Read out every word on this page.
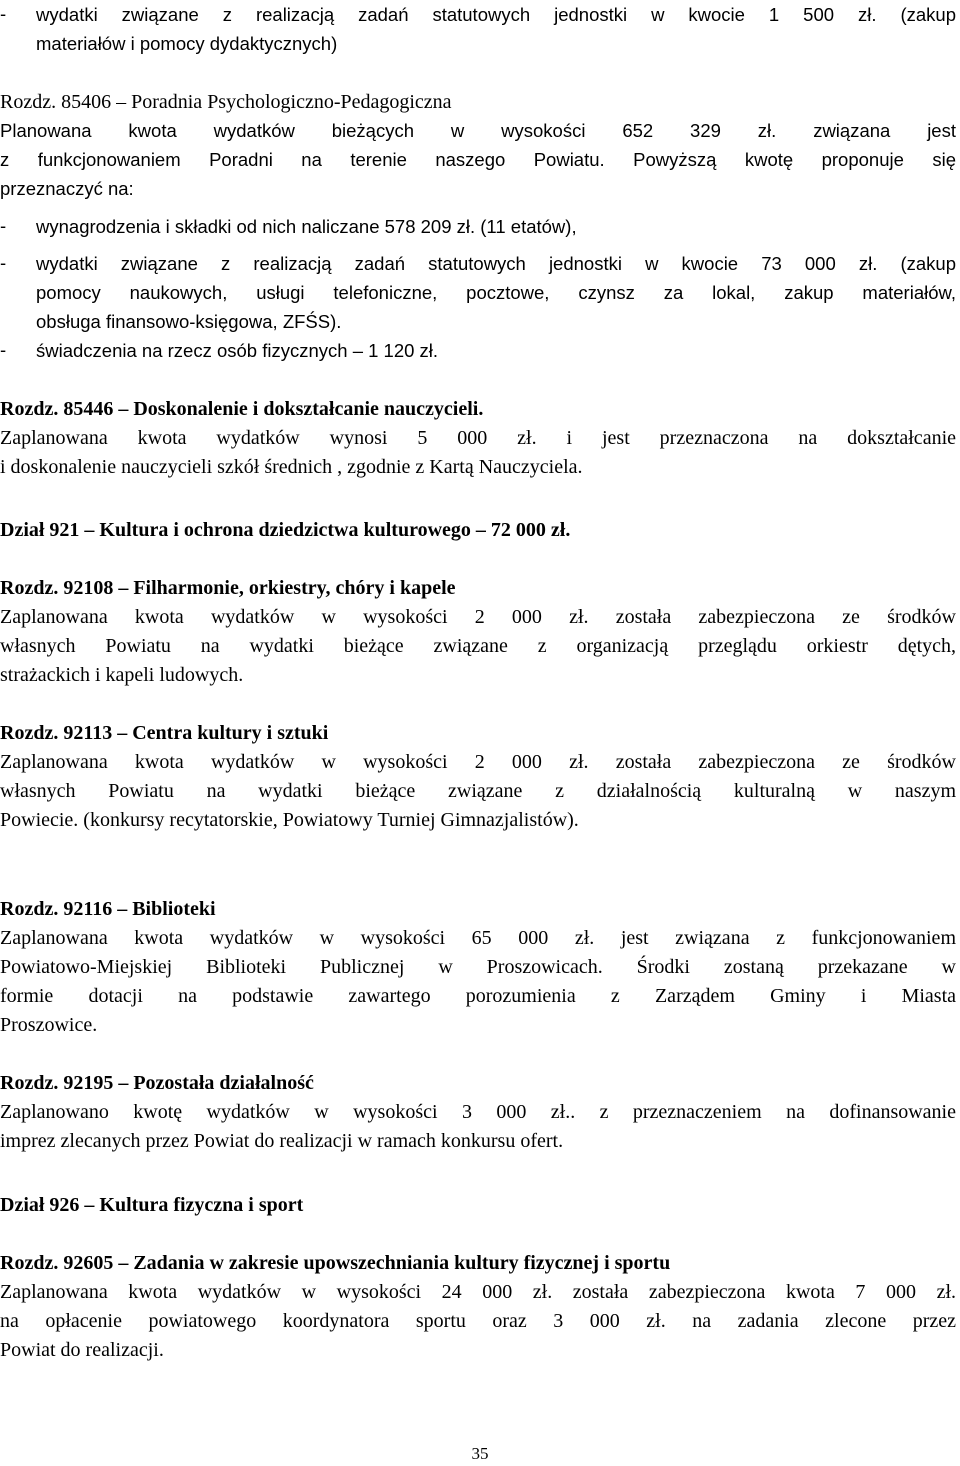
- wydatki związane z realizacją zadań statutowych jednostki w kwocie 1 500 zł. (zakup
materiałów i pomocy dydaktycznych)
Rozdz. 85406 – Poradnia Psychologiczno-Pedagogiczna
Planowana kwota wydatków bieżących w wysokości 652 329 zł. związana jest
z funkcjonowaniem Poradni na terenie naszego Powiatu. Powyższą kwotę proponuje się
przeznaczyć na:
- wynagrodzenia i składki od nich naliczane 578 209 zł. (11 etatów),
- wydatki związane z realizacją zadań statutowych jednostki w kwocie 73 000 zł. (zakup
pomocy naukowych, usługi telefoniczne, pocztowe, czynsz za lokal, zakup materiałów,
obsługa finansowo-księgowa, ZFŚS).
- świadczenia na rzecz osób fizycznych – 1 120 zł.
Rozdz. 85446 – Doskonalenie i dokształcanie nauczycieli.
Zaplanowana kwota wydatków wynosi 5 000 zł. i jest przeznaczona na dokształcanie
i doskonalenie nauczycieli szkół średnich , zgodnie z Kartą Nauczyciela.
Dział 921 – Kultura i ochrona dziedzictwa kulturowego – 72 000 zł.
Rozdz. 92108 – Filharmonie, orkiestry, chóry i kapele
Zaplanowana kwota wydatków w wysokości 2 000 zł. została zabezpieczona ze środków
własnych Powiatu na wydatki bieżące związane z organizacją przeglądu orkiestr dętych,
strażackich i kapeli ludowych.
Rozdz. 92113 – Centra kultury i sztuki
Zaplanowana kwota wydatków w wysokości 2 000 zł. została zabezpieczona ze środków
własnych Powiatu na wydatki bieżące związane z działalnością kulturalną w naszym
Powiecie. (konkursy recytatorskie, Powiatowy Turniej Gimnazjalistów).
Rozdz. 92116 – Biblioteki
Zaplanowana kwota wydatków w wysokości 65 000 zł. jest związana z funkcjonowaniem
Powiatowo-Miejskiej Biblioteki Publicznej w Proszowicach. Środki zostaną przekazane w
formie dotacji na podstawie zawartego porozumienia z Zarządem Gminy i Miasta
Proszowice.
Rozdz. 92195 – Pozostała działalność
Zaplanowano kwotę wydatków w wysokości 3 000 zł.. z przeznaczeniem na dofinansowanie
imprez zlecanych przez Powiat do realizacji w ramach konkursu ofert.
Dział 926 – Kultura fizyczna i sport
Rozdz. 92605 – Zadania w zakresie upowszechniania kultury fizycznej i sportu
Zaplanowana kwota wydatków w wysokości 24 000 zł. została zabezpieczona kwota 7 000 zł.
na opłacenie powiatowego koordynatora sportu oraz 3 000 zł. na zadania zlecone przez
Powiat do realizacji.
35
